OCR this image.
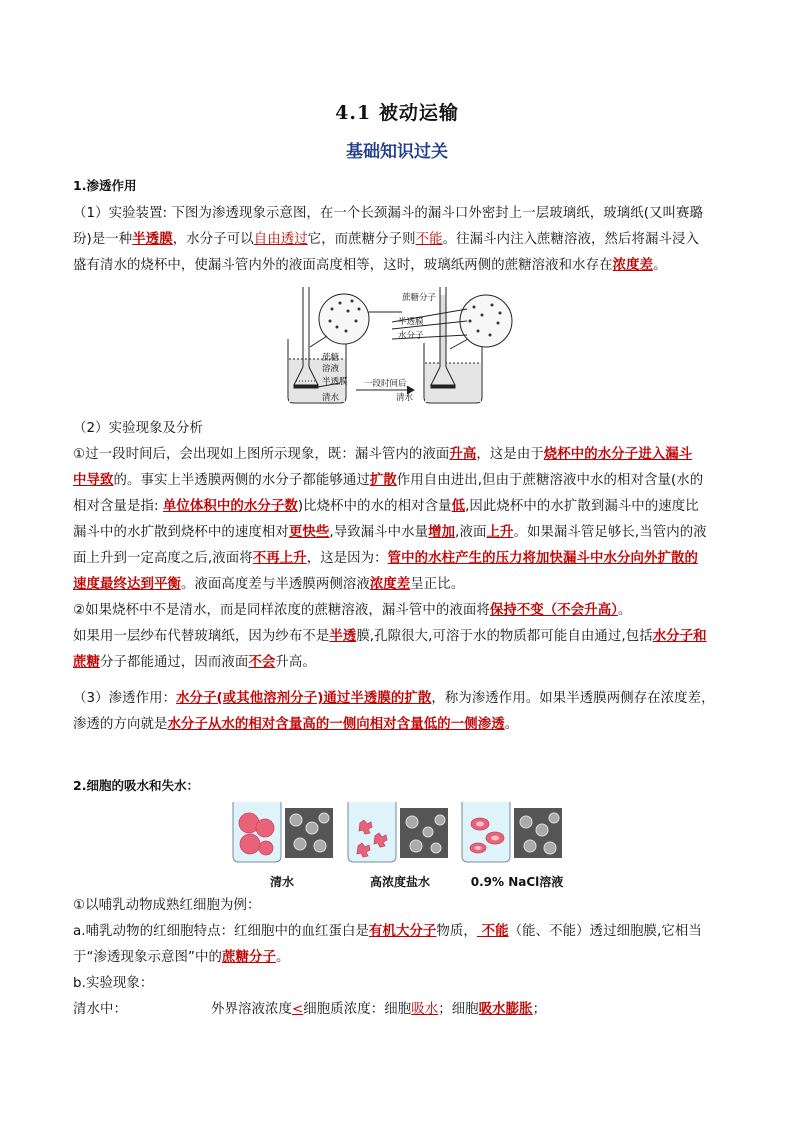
4.1 被动运输
基础知识过关
1.渗透作用
（1）实验装置: 下图为渗透现象示意图，在一个长颈漏斗的漏斗口外密封上一层玻璃纸，玻璃纸(又叫赛璐
玢)是一种半透膜，水分子可以自由透过它，而蔗糖分子则不能。往漏斗内注入蔗糖溶液，然后将漏斗浸入
盛有清水的烧杯中，使漏斗管内外的液面高度相等，这时，玻璃纸两侧的蔗糖溶液和水存在浓度差。
蔗糖分子
半透膜
水分子
蔗糖
溶液
半透膜
清水
一段时间后
清水
（2）实验现象及分析
①过一段时间后，会出现如上图所示现象，既：漏斗管内的液面升高，这是由于烧杯中的水分子进入漏斗
中导致的。事实上半透膜两侧的水分子都能够通过扩散作用自由进出,但由于蔗糖溶液中水的相对含量(水的
相对含量是指: 单位体积中的水分子数)比烧杯中的水的相对含量低,因此烧杯中的水扩散到漏斗中的速度比
漏斗中的水扩散到烧杯中的速度相对更快些,导致漏斗中水量增加,液面上升。如果漏斗管足够长,当管内的液
面上升到一定高度之后,液面将不再上升，这是因为：管中的水柱产生的压力将加快漏斗中水分向外扩散的
速度最终达到平衡。液面高度差与半透膜两侧溶液浓度差呈正比。
②如果烧杯中不是清水，而是同样浓度的蔗糖溶液，漏斗管中的液面将保持不变（不会升高）。
如果用一层纱布代替玻璃纸，因为纱布不是半透膜,孔隙很大,可溶于水的物质都可能自由通过,包括水分子和
蔗糖分子都能通过，因而液面不会升高。
（3）渗透作用：水分子(或其他溶剂分子)通过半透膜的扩散，称为渗透作用。如果半透膜两侧存在浓度差，
渗透的方向就是水分子从水的相对含量高的一侧向相对含量低的一侧渗透。
2.细胞的吸水和失水：
清水	高浓度盐水	0.9% NaCl溶液
①以哺乳动物成熟红细胞为例：
a.哺乳动物的红细胞特点：红细胞中的血红蛋白是有机大分子物质， 不能（能、不能）透过细胞膜,它相当
于“渗透现象示意图”中的蔗糖分子。
b.实验现象：
清水中：	外界溶液浓度<细胞质浓度：细胞吸水；细胞吸水膨胀；
